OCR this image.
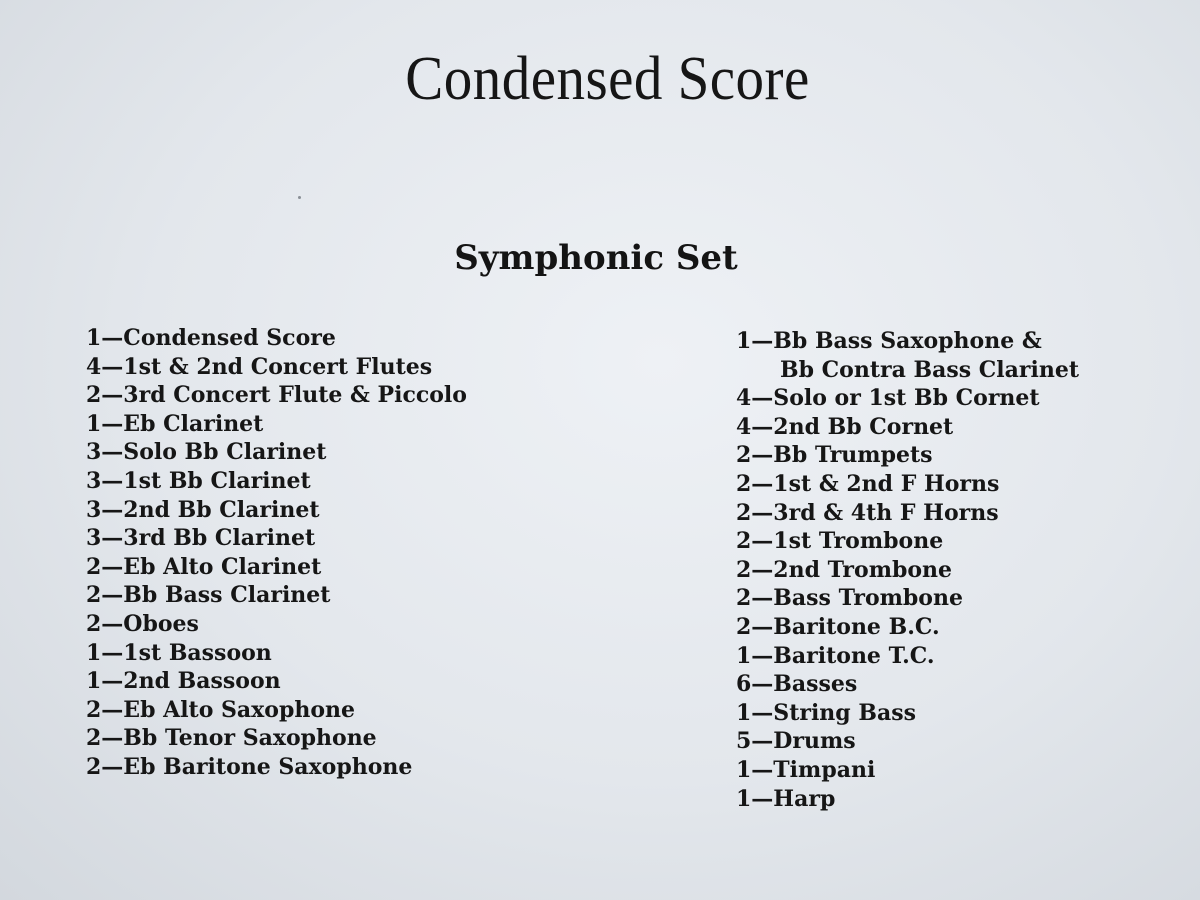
Condensed Score
Symphonic Set
1—Condensed Score
4—1st & 2nd Concert Flutes
2—3rd Concert Flute & Piccolo
1—Eb Clarinet
3—Solo Bb Clarinet
3—1st Bb Clarinet
3—2nd Bb Clarinet
3—3rd Bb Clarinet
2—Eb Alto Clarinet
2—Bb Bass Clarinet
2—Oboes
1—1st Bassoon
1—2nd Bassoon
2—Eb Alto Saxophone
2—Bb Tenor Saxophone
2—Eb Baritone Saxophone
1—Bb Bass Saxophone &
Bb Contra Bass Clarinet
4—Solo or 1st Bb Cornet
4—2nd Bb Cornet
2—Bb Trumpets
2—1st & 2nd F Horns
2—3rd & 4th F Horns
2—1st Trombone
2—2nd Trombone
2—Bass Trombone
2—Baritone B.C.
1—Baritone T.C.
6—Basses
1—String Bass
5—Drums
1—Timpani
1—Harp
